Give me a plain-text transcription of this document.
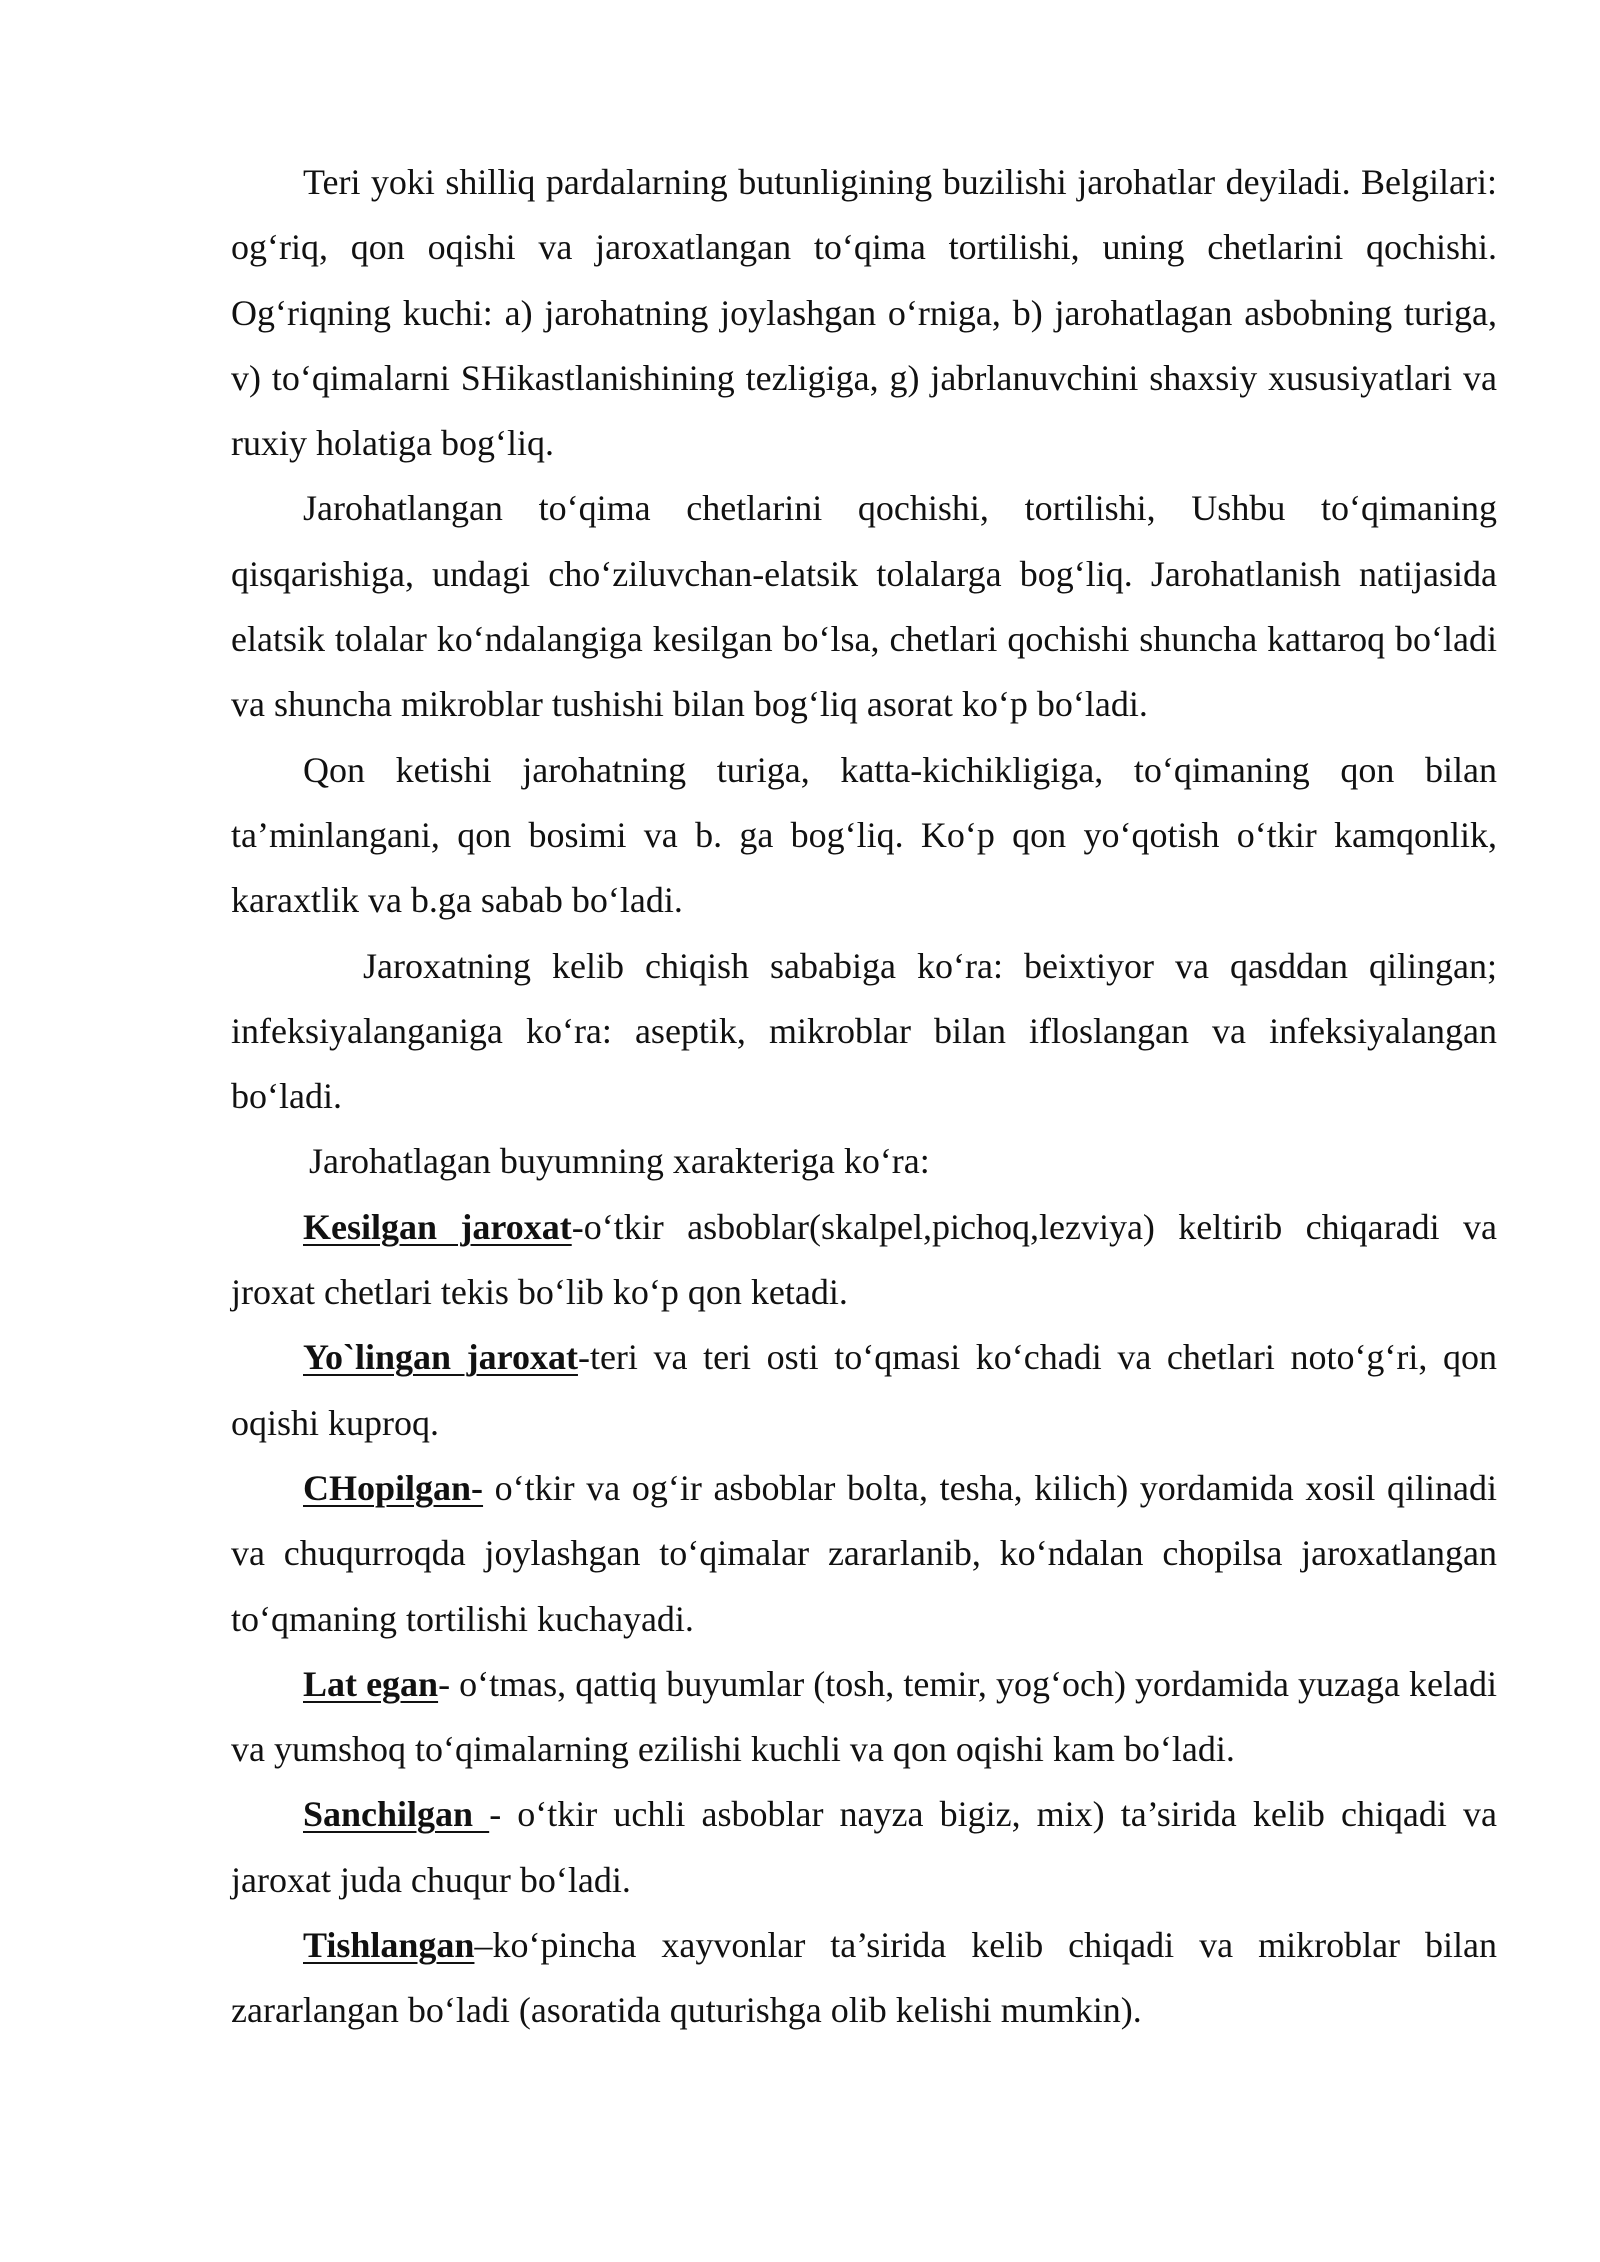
Teri yoki shilliq pardalarning butunligining buzilishi jarohatlar deyiladi. Belgilari: og‘riq, qon oqishi va jaroxatlangan to‘qima tortilishi, uning chetlarini qochishi. Og‘riqning kuchi: a) jarohatning joylashgan o‘rniga, b) jarohatlagan asbobning turiga, v) to‘qimalarni SHikastlanishining tezligiga, g) jabrlanuvchini shaxsiy xususiyatlari va ruxiy holatiga bog‘liq.

Jarohatlangan to‘qima chetlarini qochishi, tortilishi, Ushbu to‘qimaning qisqarishiga, undagi cho‘ziluvchan-elatsik tolalarga bog‘liq. Jarohatlanish natijasida elatsik tolalar ko‘ndalangiga kesilgan bo‘lsa, chetlari qochishi shuncha kattaroq bo‘ladi va shuncha mikroblar tushishi bilan bog‘liq asorat ko‘p bo‘ladi.

Qon ketishi jarohatning turiga, katta-kichikligiga, to‘qimaning qon bilan ta’minlangani, qon bosimi va b. ga bog‘liq. Ko‘p qon yo‘qotish o‘tkir kamqonlik, karaxtlik va b.ga sabab bo‘ladi.

Jaroxatning kelib chiqish sababiga ko‘ra: beixtiyor va qasddan qilingan; infeksiyalanganiga ko‘ra: aseptik, mikroblar bilan ifloslangan va infeksiyalangan bo‘ladi.

Jarohatlagan buyumning xarakteriga ko‘ra:

Kesilgan jaroxat-o‘tkir asboblar(skalpel,pichoq,lezviya) keltirib chiqaradi va jroxat chetlari tekis bo‘lib ko‘p qon ketadi.

Yo`lingan jaroxat-teri va teri osti to‘qmasi ko‘chadi va chetlari noto‘g‘ri, qon oqishi kuproq.

CHopilgan- o‘tkir va og‘ir asboblar bolta, tesha, kilich) yordamida xosil qilinadi va chuqurroqda joylashgan to‘qimalar zararlanib, ko‘ndalan chopilsa jaroxatlangan to‘qmaning tortilishi kuchayadi.

Lat egan- o‘tmas, qattiq buyumlar (tosh, temir, yog‘och) yordamida yuzaga keladi va yumshoq to‘qimalarning ezilishi kuchli va qon oqishi kam bo‘ladi.

Sanchilgan - o‘tkir uchli asboblar nayza bigiz, mix) ta’sirida kelib chiqadi va jaroxat juda chuqur bo‘ladi.

Tishlangan–ko‘pincha xayvonlar ta’sirida kelib chiqadi va mikroblar bilan zararlangan bo‘ladi (asoratida quturishga olib kelishi mumkin).
